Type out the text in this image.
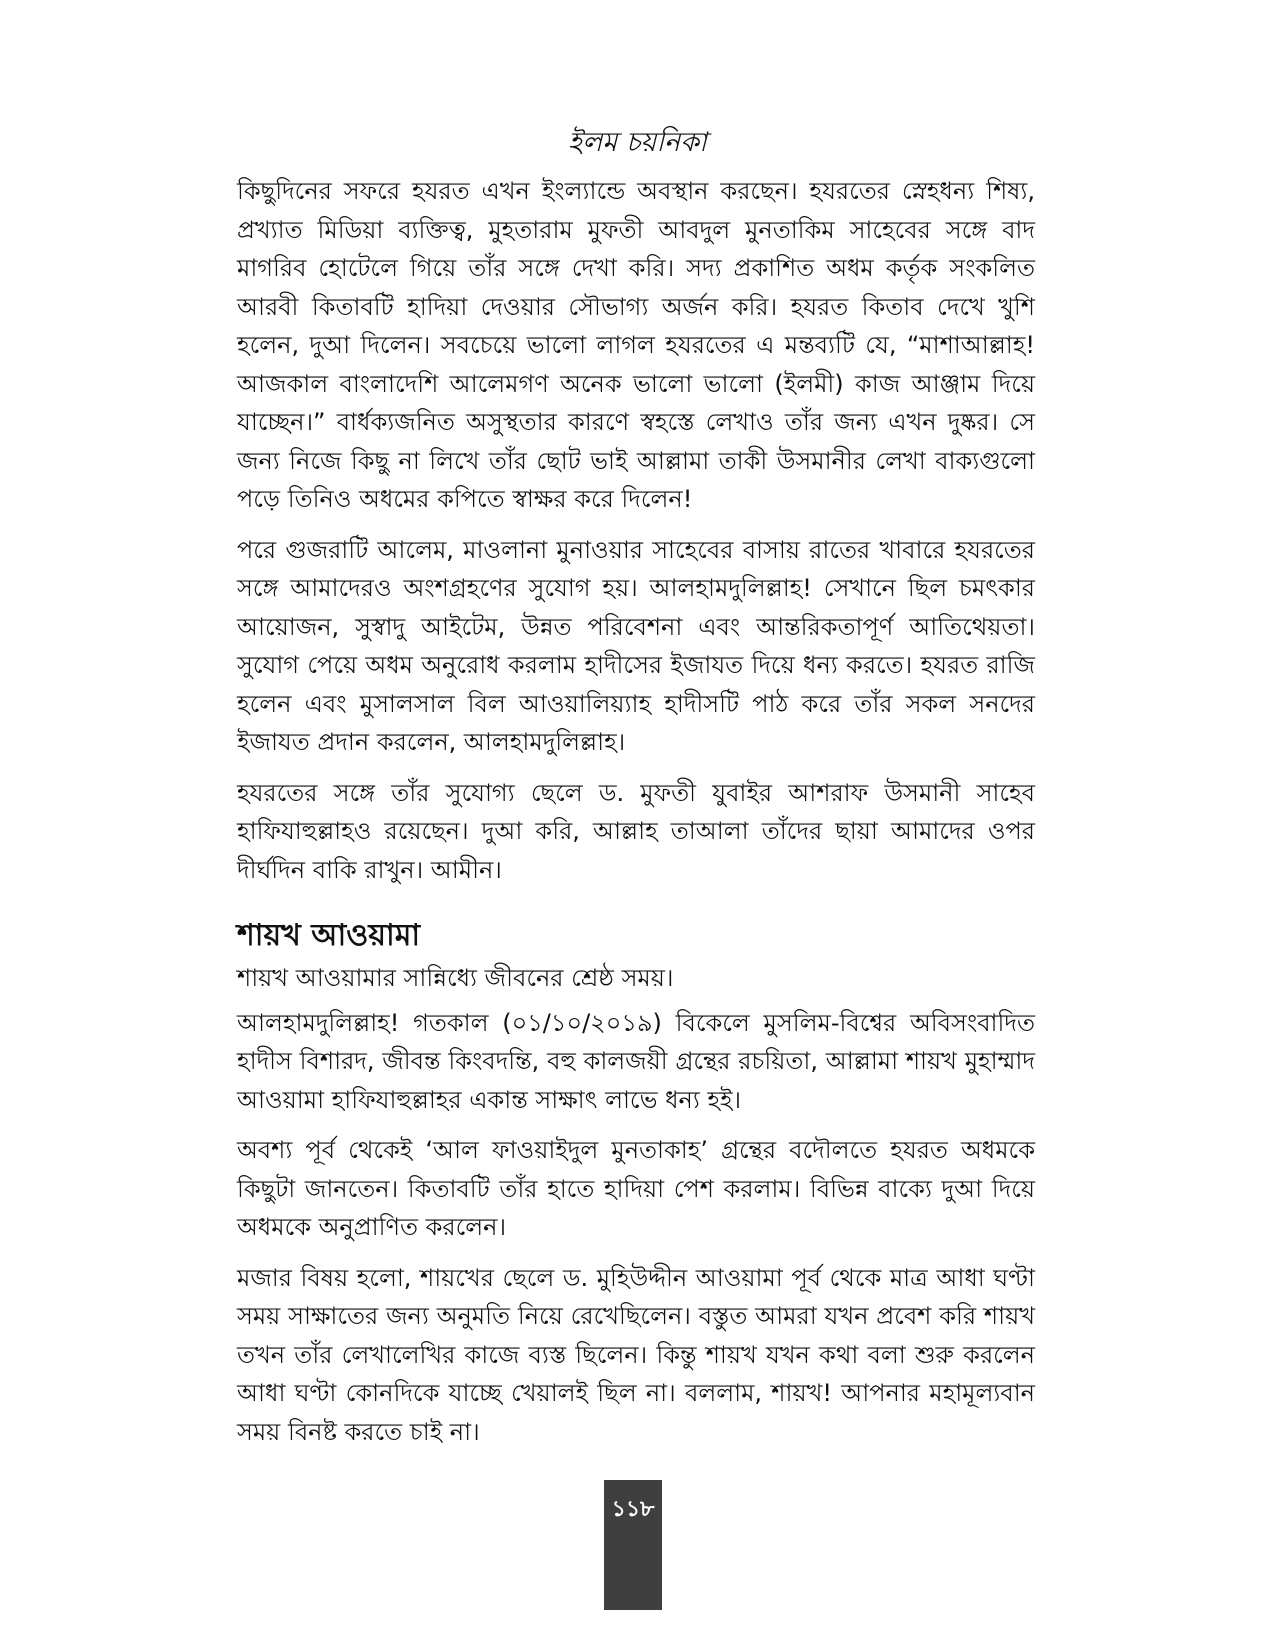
ইলম চয়নিকা

কিছুদিনের সফরে হযরত এখন ইংল্যান্ডে অবস্থান করছেন। হযরতের স্নেহধন্য শিষ্য, প্রখ্যাত মিডিয়া ব্যক্তিত্ব, মুহতারাম মুফতী আবদুল মুনতাকিম সাহেবের সঙ্গে বাদ মাগরিব হোটেলে গিয়ে তাঁর সঙ্গে দেখা করি। সদ্য প্রকাশিত অধম কর্তৃক সংকলিত আরবী কিতাবটি হাদিয়া দেওয়ার সৌভাগ্য অর্জন করি। হযরত কিতাব দেখে খুশি হলেন, দুআ দিলেন। সবচেয়ে ভালো লাগল হযরতের এ মন্তব্যটি যে, “মাশাআল্লাহ! আজকাল বাংলাদেশি আলেমগণ অনেক ভালো ভালো (ইলমী) কাজ আঞ্জাম দিয়ে যাচ্ছেন।” বার্ধক্যজনিত অসুস্থতার কারণে স্বহস্তে লেখাও তাঁর জন্য এখন দুষ্কর। সে জন্য নিজে কিছু না লিখে তাঁর ছোট ভাই আল্লামা তাকী উসমানীর লেখা বাক্যগুলো পড়ে তিনিও অধমের কপিতে স্বাক্ষর করে দিলেন!

পরে গুজরাটি আলেম, মাওলানা মুনাওয়ার সাহেবের বাসায় রাতের খাবারে হযরতের সঙ্গে আমাদেরও অংশগ্রহণের সুযোগ হয়। আলহামদুলিল্লাহ! সেখানে ছিল চমৎকার আয়োজন, সুস্বাদু আইটেম, উন্নত পরিবেশনা এবং আন্তরিকতাপূর্ণ আতিথেয়তা। সুযোগ পেয়ে অধম অনুরোধ করলাম হাদীসের ইজাযত দিয়ে ধন্য করতে। হযরত রাজি হলেন এবং মুসালসাল বিল আওয়ালিয়্যাহ হাদীসটি পাঠ করে তাঁর সকল সনদের ইজাযত প্রদান করলেন, আলহামদুলিল্লাহ।

হযরতের সঙ্গে তাঁর সুযোগ্য ছেলে ড. মুফতী যুবাইর আশরাফ উসমানী সাহেব হাফিযাহুল্লাহও রয়েছেন। দুআ করি, আল্লাহ তাআলা তাঁদের ছায়া আমাদের ওপর দীর্ঘদিন বাকি রাখুন। আমীন।

শায়খ আওয়ামা

শায়খ আওয়ামার সান্নিধ্যে জীবনের শ্রেষ্ঠ সময়।

আলহামদুলিল্লাহ! গতকাল (০১/১০/২০১৯) বিকেলে মুসলিম-বিশ্বের অবিসংবাদিত হাদীস বিশারদ, জীবন্ত কিংবদন্তি, বহু কালজয়ী গ্রন্থের রচয়িতা, আল্লামা শায়খ মুহাম্মাদ আওয়ামা হাফিযাহুল্লাহর একান্ত সাক্ষাৎ লাভে ধন্য হই।

অবশ্য পূর্ব থেকেই ‘আল ফাওয়াইদুল মুনতাকাহ’ গ্রন্থের বদৌলতে হযরত অধমকে কিছুটা জানতেন। কিতাবটি তাঁর হাতে হাদিয়া পেশ করলাম। বিভিন্ন বাক্যে দুআ দিয়ে অধমকে অনুপ্রাণিত করলেন।

মজার বিষয় হলো, শায়খের ছেলে ড. মুহিউদ্দীন আওয়ামা পূর্ব থেকে মাত্র আধা ঘণ্টা সময় সাক্ষাতের জন্য অনুমতি নিয়ে রেখেছিলেন। বস্তুত আমরা যখন প্রবেশ করি শায়খ তখন তাঁর লেখালেখির কাজে ব্যস্ত ছিলেন। কিন্তু শায়খ যখন কথা বলা শুরু করলেন আধা ঘণ্টা কোনদিকে যাচ্ছে খেয়ালই ছিল না। বললাম, শায়খ! আপনার মহামূল্যবান সময় বিনষ্ট করতে চাই না।

১১৮
